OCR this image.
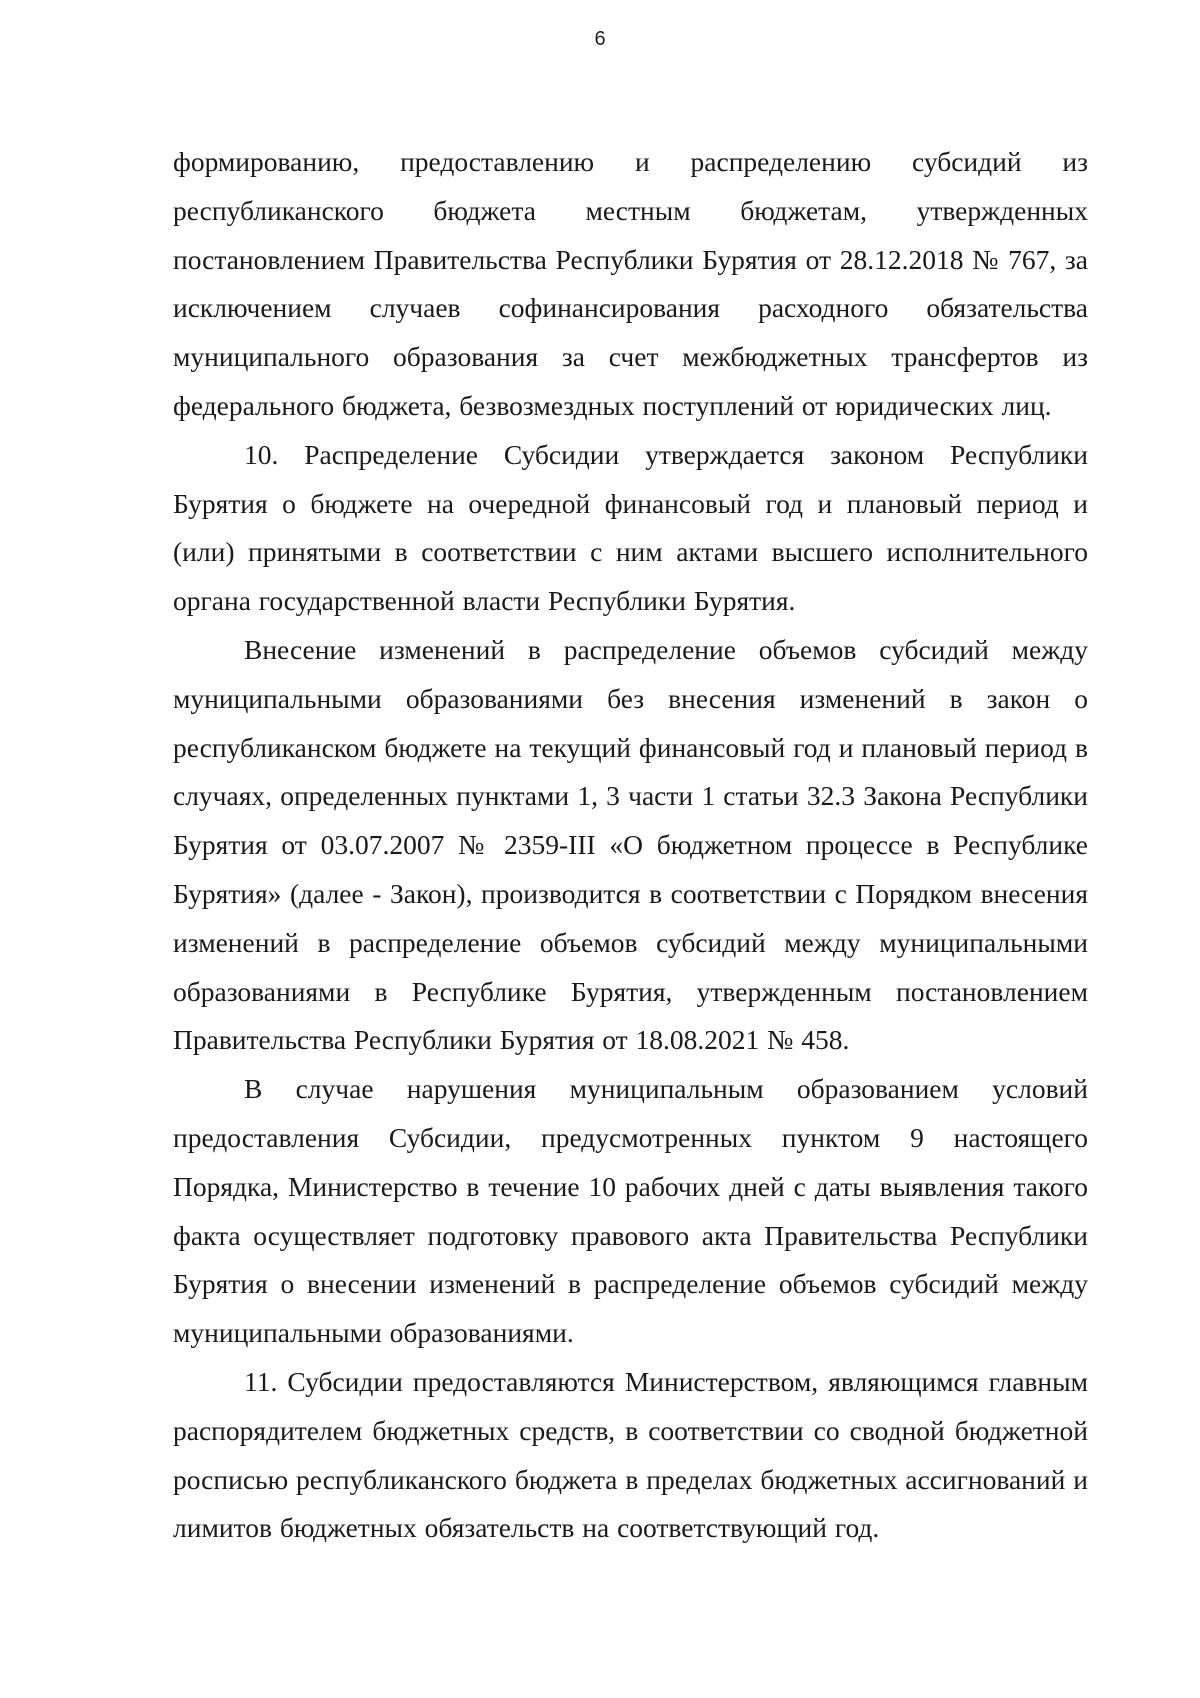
6

формированию, предоставлению и распределению субсидий из республиканского бюджета местным бюджетам, утвержденных постановлением Правительства Республики Бурятия от 28.12.2018 № 767, за исключением случаев софинансирования расходного обязательства муниципального образования за счет межбюджетных трансфертов из федерального бюджета, безвозмездных поступлений от юридических лиц.

10. Распределение Субсидии утверждается законом Республики Бурятия о бюджете на очередной финансовый год и плановый период и (или) принятыми в соответствии с ним актами высшего исполнительного органа государственной власти Республики Бурятия.

Внесение изменений в распределение объемов субсидий между муниципальными образованиями без внесения изменений в закон о республиканском бюджете на текущий финансовый год и плановый период в случаях, определенных пунктами 1, 3 части 1 статьи 32.3 Закона Республики Бурятия от 03.07.2007 № 2359-III «О бюджетном процессе в Республике Бурятия» (далее - Закон), производится в соответствии с Порядком внесения изменений в распределение объемов субсидий между муниципальными образованиями в Республике Бурятия, утвержденным постановлением Правительства Республики Бурятия от 18.08.2021 № 458.

В случае нарушения муниципальным образованием условий предоставления Субсидии, предусмотренных пунктом 9 настоящего Порядка, Министерство в течение 10 рабочих дней с даты выявления такого факта осуществляет подготовку правового акта Правительства Республики Бурятия о внесении изменений в распределение объемов субсидий между муниципальными образованиями.

11. Субсидии предоставляются Министерством, являющимся главным распорядителем бюджетных средств, в соответствии со сводной бюджетной росписью республиканского бюджета в пределах бюджетных ассигнований и лимитов бюджетных обязательств на соответствующий год.
